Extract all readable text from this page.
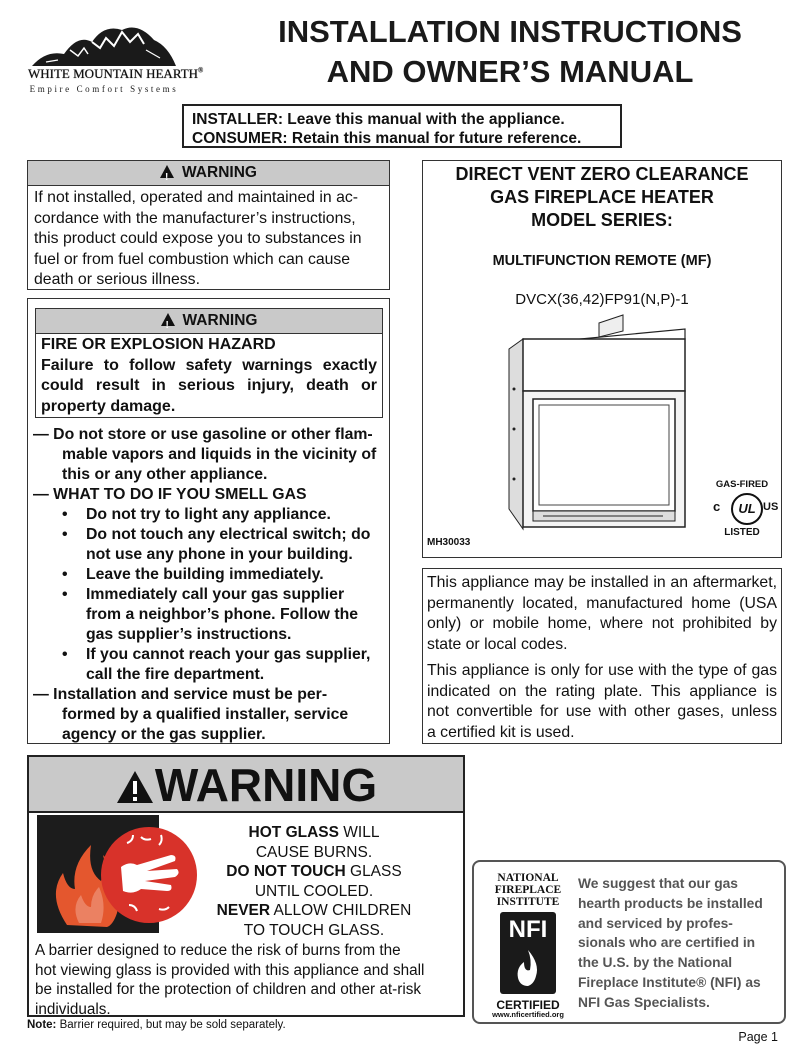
WHITE MOUNTAIN HEARTH®
Empire Comfort Systems
INSTALLATION INSTRUCTIONS
AND OWNER’S MANUAL
INSTALLER: Leave this manual with the appliance.
CONSUMER: Retain this manual for future reference.
!WARNING
If not installed, operated and maintained in ac-
cordance with the manufacturer’s instructions,
this product could expose you to substances in
fuel or from fuel combustion which can cause
death or serious illness.
!WARNING
FIRE OR EXPLOSION HAZARD
Failure to follow safety warnings exactly
could result in serious injury, death or
property damage.
— Do not store or use gasoline or other flam-
mable vapors and liquids in the vicinity of
this or any other appliance.
— WHAT TO DO IF YOU SMELL GAS
• Do not try to light any appliance.
• Do not touch any electrical switch; do
not use any phone in your building.
• Leave the building immediately.
• Immediately call your gas supplier
from a neighbor’s phone. Follow the
gas supplier’s instructions.
• If you cannot reach your gas supplier,
call the fire department.
— Installation and service must be per-
formed by a qualified installer, service
agency or the gas supplier.
DIRECT VENT ZERO CLEARANCE
GAS FIREPLACE HEATER
MODEL SERIES:
MULTIFUNCTION REMOTE (MF)
DVCX(36,42)FP91(N,P)-1
GAS-FIRED
UL
c	US
LISTED
MH30033
This appliance may be installed in an aftermarket,
permanently located, manufactured home (USA
only) or mobile home, where not prohibited by
state or local codes.
This appliance is only for use with the type of gas
indicated on the rating plate. This appliance is
not convertible for use with other gases, unless
a certified kit is used.
WARNING
HOT GLASS WILL
CAUSE BURNS.
DO NOT TOUCH GLASS
UNTIL COOLED.
NEVER ALLOW CHILDREN
TO TOUCH GLASS.
A barrier designed to reduce the risk of burns from the
hot viewing glass is provided with this appliance and shall
be installed for the protection of children and other at-risk
individuals.
Note: Barrier required, but may be sold separately.
NATIONAL
FIREPLACE
INSTITUTE
NFI
CERTIFIED
www.nficertified.org
We suggest that our gas
hearth products be installed
and serviced by profes-
sionals who are certified in
the U.S. by the National
Fireplace Institute® (NFI) as
NFI Gas Specialists.
Page 1
